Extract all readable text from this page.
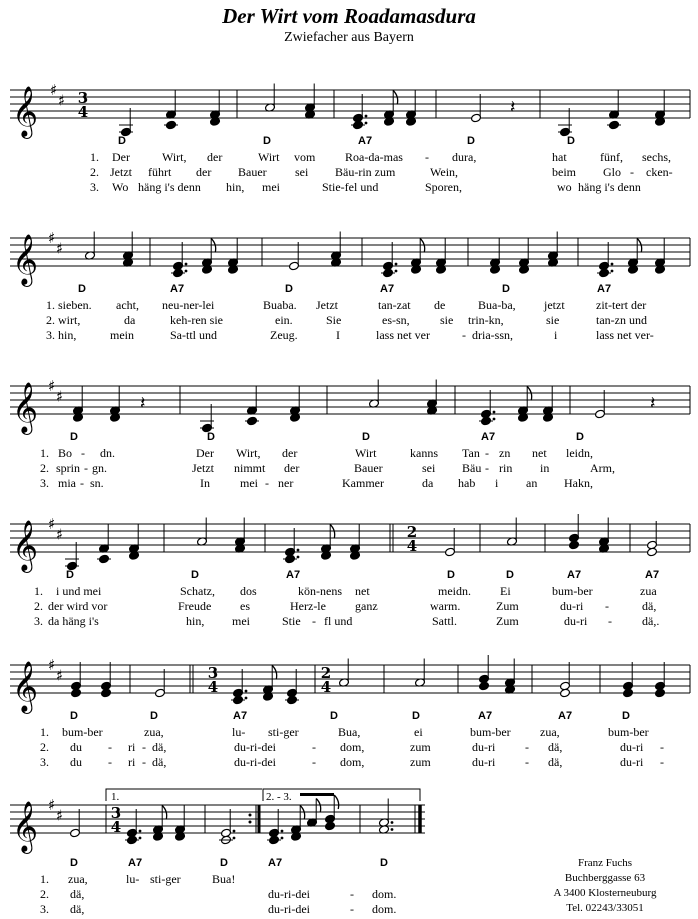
Der Wirt vom Roadamasdura
Zwiefacher aus Bayern
𝄞 ♯
♯ 3
4	𝄽
D	D	A7	D	D
1.
2.
3.
Der	Wirt, der	Wirt vom Roa-da-mas - dura,	hat	fünf, sechs,
Jetzt führt der Bauer sei Bäu-rin zum	Wein,	beim Glo - cken-
Wo häng i's denn hin, mei	Stie-fel und	Sporen,	wo häng i's denn
𝄞 ♯
♯
D	A7	D	A7	D	A7
1.
2.
3.
sieben. acht, neu-ner-lei	Buaba. Jetzt	tan-zat de	Bua-ba, jetzt	zit-tert der
wirt,	da	keh-ren sie	ein.	Sie	es-sn,	sie trin-kn,	sie	tan-zn und
hin,	mein	Sa-ttl und	Zeug.	I	lass net ver	- dria-ssn,	i	lass net ver-
𝄞 ♯
♯	𝄽	𝄽
D	D	D	A7	D
1.
2.
3.
Bo - dn.	Der Wirt, der	Wirt	kanns Tan - zn net leidn,
sprin - gn.	Jetzt nimmt der	Bauer	sei Bäu - rin in	Arm,
mia - sn.	In	mei - ner	Kammer	da hab i an Hakn,
𝄞 ♯
♯	2
4
D	D	A7	D	D	A7	A7
1.
2.
3.
i und mei	Schatz, dos	kön-nens net	meidn. Ei	bum-ber	zua
der wird vor	Freude es	Herz-le ganz	warm.	Zum	du-ri -	dä,
da häng i's	hin, mei	Stie - fl und	Sattl.	Zum	du-ri -	dä,.
𝄞 ♯
♯	3
4
2
4
D	D	A7	D	D	A7	A7	D
1.
2.
3.
bum-ber	zua,	lu- sti-ger	Bua,	ei	bum-ber zua,	bum-ber
du - ri - dä,	du-ri-dei	- dom,	zum	du-ri - dä,	du-ri -
du - ri - dä,	du-ri-dei	- dom,	zum	du-ri - dä,	du-ri -
𝄞 ♯
♯	3
4
1.	2. - 3.
D	A7	D	A7	D
1.
2.
3.
zua,	lu- sti-ger	Bua!
dä,	du-ri-dei	- dom.
dä,	du-ri-dei	- dom.
Franz Fuchs
Buchberggasse 63
A 3400 Klosterneuburg
Tel. 02243/33051
